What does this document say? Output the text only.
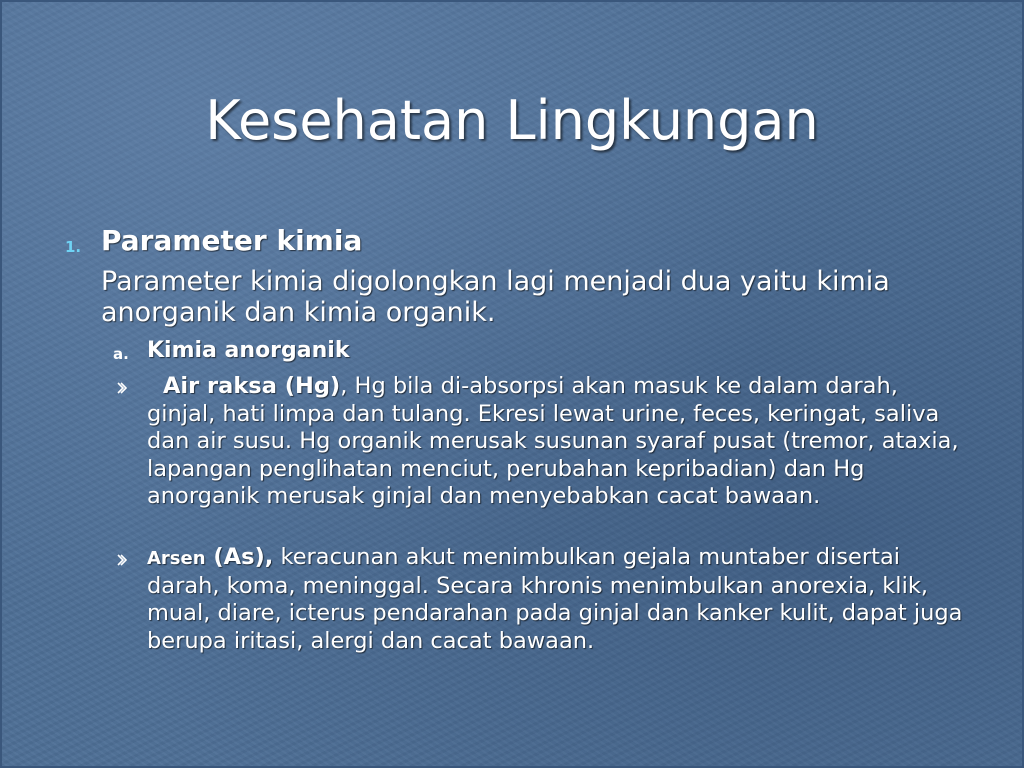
Kesehatan Lingkungan
1. Parameter kimia
Parameter kimia digolongkan lagi menjadi dua yaitu kimia anorganik dan kimia organik.
a. Kimia anorganik
Air raksa (Hg), Hg bila di-absorpsi akan masuk ke dalam darah, ginjal, hati limpa dan tulang. Ekresi lewat urine, feces, keringat, saliva dan air susu. Hg organik merusak susunan syaraf pusat (tremor, ataxia, lapangan penglihatan menciut, perubahan kepribadian) dan Hg anorganik merusak ginjal dan menyebabkan cacat bawaan.
Arsen (As), keracunan akut menimbulkan gejala muntaber disertai darah, koma, meninggal. Secara khronis menimbulkan anorexia, klik, mual, diare, icterus pendarahan pada ginjal dan kanker kulit, dapat juga berupa iritasi, alergi dan cacat bawaan.
